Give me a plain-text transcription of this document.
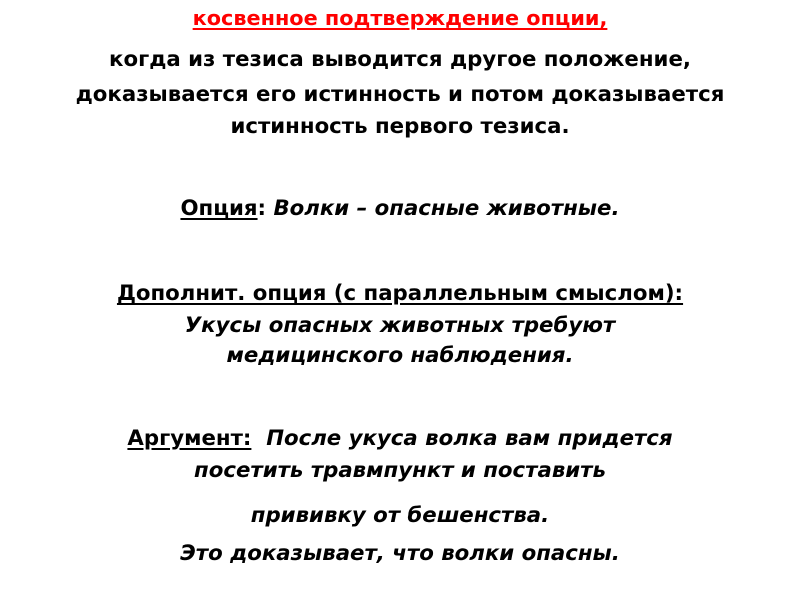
косвенное подтверждение опции,
когда из тезиса выводится другое положение,
доказывается его истинность и потом доказывается
истинность первого тезиса.
Опция: Волки – опасные животные.
Дополнит. опция (с параллельным смыслом):
Укусы опасных животных требуют
медицинского наблюдения.
Аргумент: После укуса волка вам придется
посетить травмпункт и поставить
прививку от бешенства.
Это доказывает, что волки опасны.
